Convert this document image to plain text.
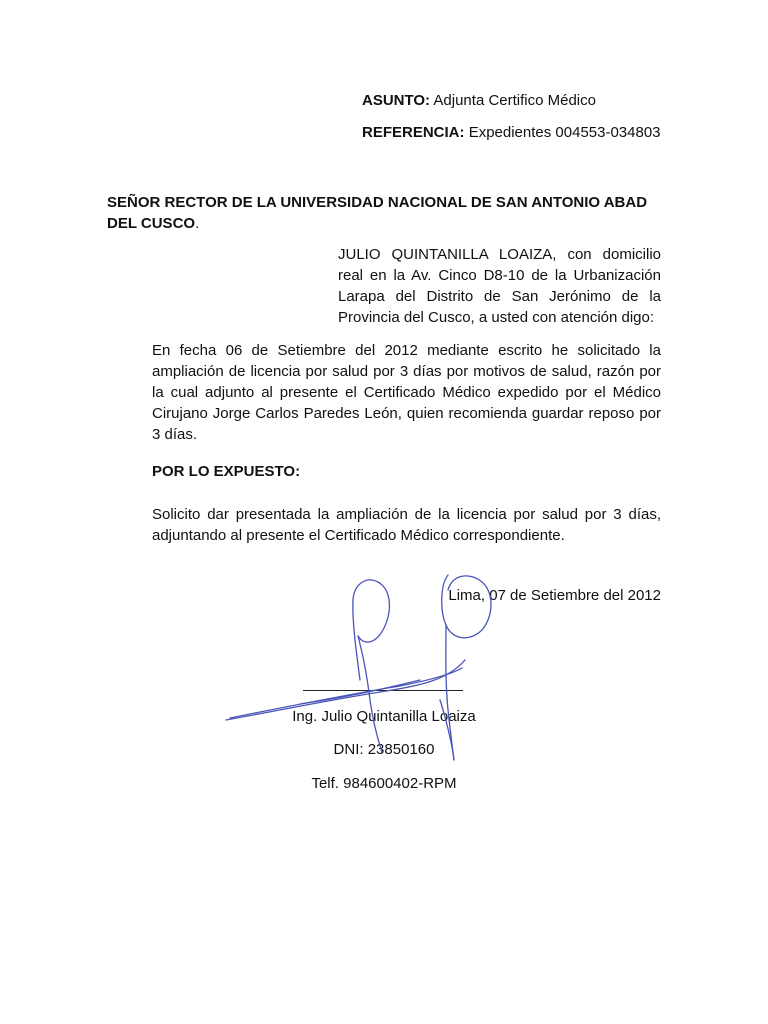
ASUNTO: Adjunta Certifico Médico
REFERENCIA: Expedientes 004553-034803
SEÑOR RECTOR DE LA UNIVERSIDAD NACIONAL DE SAN ANTONIO ABAD
DEL CUSCO.
JULIO QUINTANILLA LOAIZA, con domicilio
real en la Av. Cinco D8-10 de la Urbanización
Larapa del Distrito de San Jerónimo de la
Provincia del Cusco, a usted con atención digo:
En fecha 06 de Setiembre del 2012 mediante escrito he solicitado la
ampliación de licencia por salud por 3 días por motivos de salud, razón por
la cual adjunto al presente el Certificado Médico expedido por el Médico
Cirujano Jorge Carlos Paredes León, quien recomienda guardar reposo por
3 días.
POR LO EXPUESTO:
Solicito dar presentada la ampliación de la licencia por salud por 3 días,
adjuntando al presente el Certificado Médico correspondiente.
Lima, 07 de Setiembre del 2012
Ing. Julio Quintanilla Loaiza
DNI: 23850160
Telf. 984600402-RPM
